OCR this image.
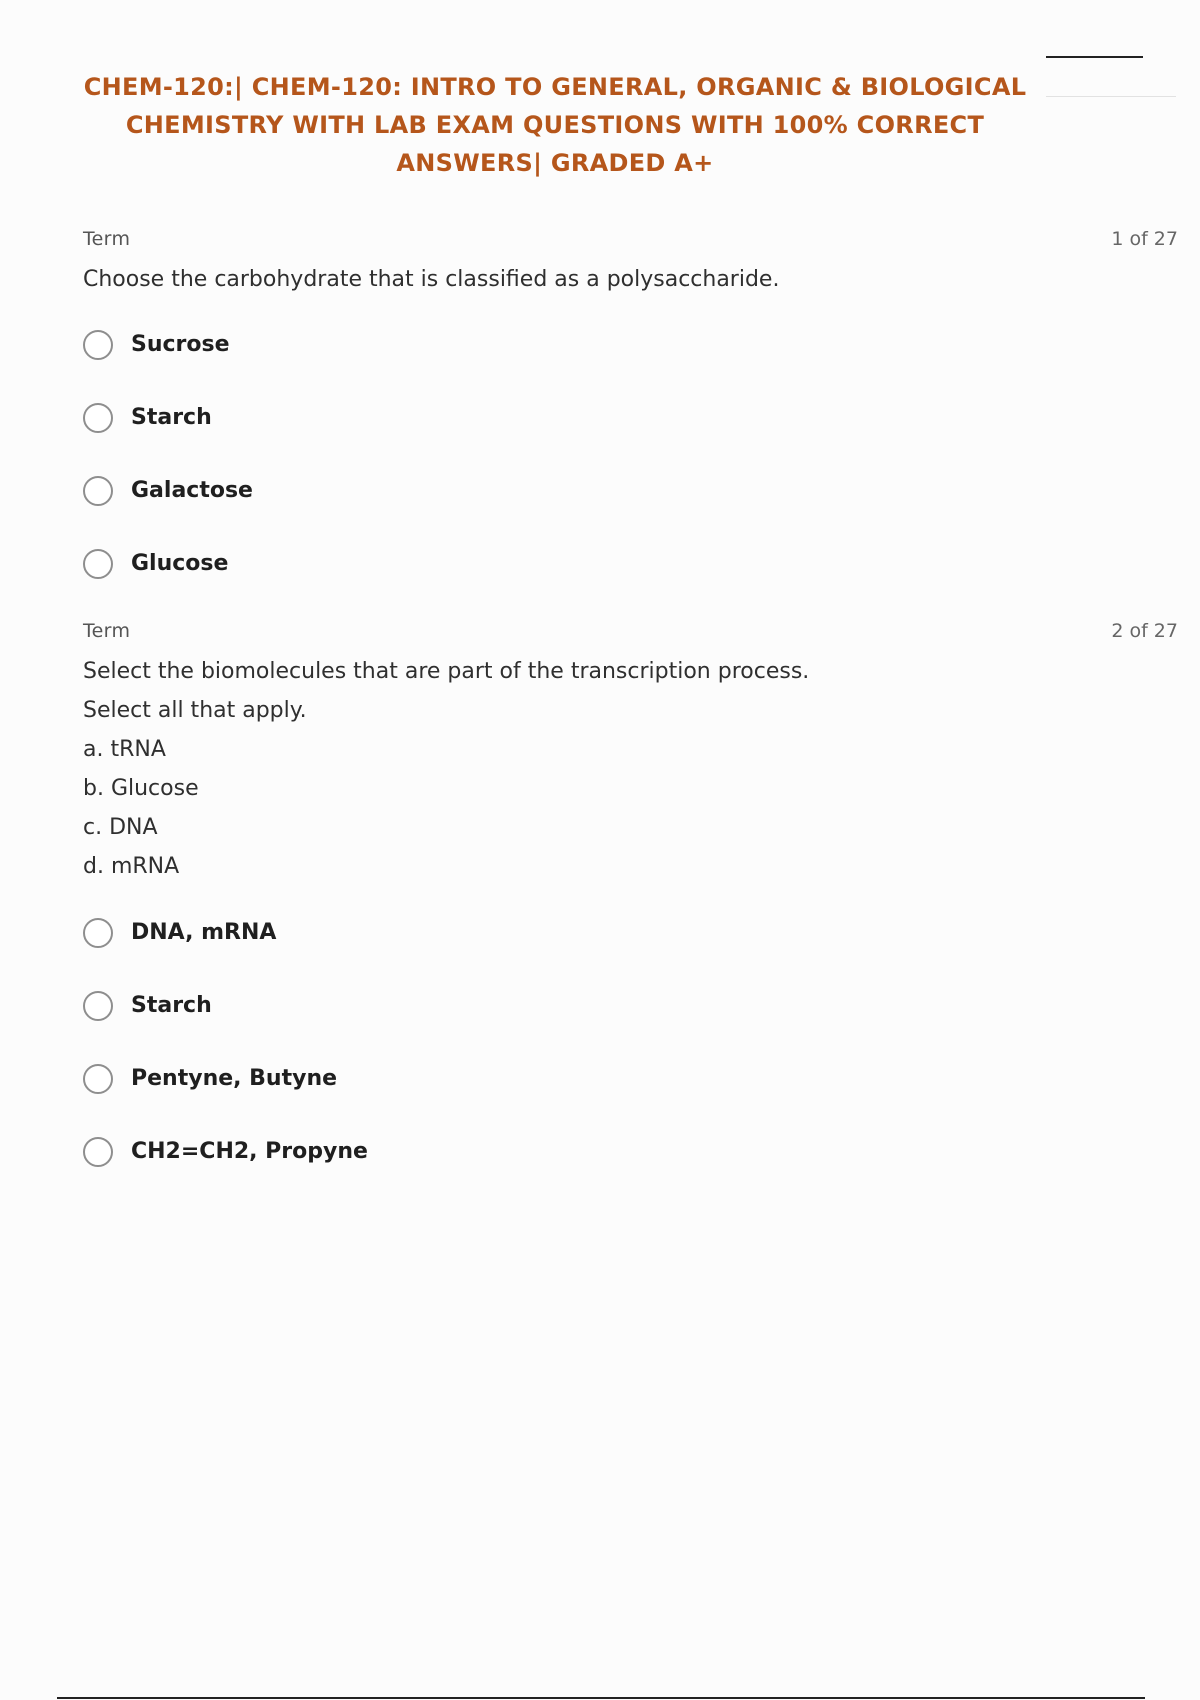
CHEM-120:| CHEM-120: INTRO TO GENERAL, ORGANIC & BIOLOGICAL CHEMISTRY WITH LAB EXAM QUESTIONS WITH 100% CORRECT ANSWERS| GRADED A+
Term	1 of 27

Choose the carbohydrate that is classified as a polysaccharide.

Sucrose
Starch
Galactose
Glucose
Term	2 of 27
Select the biomolecules that are part of the transcription process.
Select all that apply.
a. tRNA
b. Glucose
c. DNA
d. mRNA
DNA, mRNA
Starch
Pentyne, Butyne
CH2=CH2, Propyne
